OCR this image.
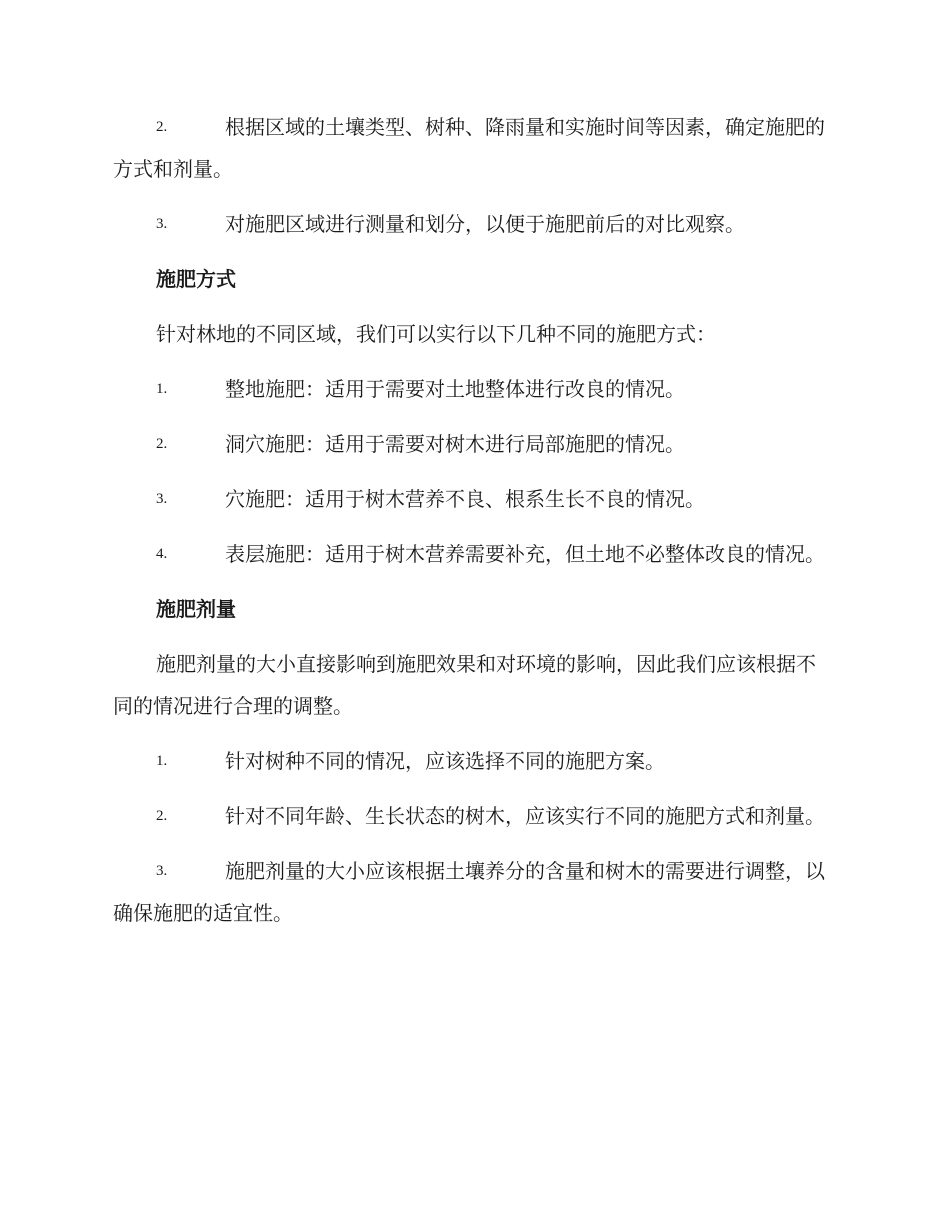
2.	根据区域的土壤类型、树种、降雨量和实施时间等因素，确定施肥的方式和剂量。
3.	对施肥区域进行测量和划分，以便于施肥前后的对比观察。
施肥方式
针对林地的不同区域，我们可以实行以下几种不同的施肥方式：
1.	整地施肥：适用于需要对土地整体进行改良的情况。
2.	洞穴施肥：适用于需要对树木进行局部施肥的情况。
3.	穴施肥：适用于树木营养不良、根系生长不良的情况。
4.	表层施肥：适用于树木营养需要补充，但土地不必整体改良的情况。
施肥剂量
施肥剂量的大小直接影响到施肥效果和对环境的影响，因此我们应该根据不同的情况进行合理的调整。
1.	针对树种不同的情况，应该选择不同的施肥方案。
2.	针对不同年龄、生长状态的树木，应该实行不同的施肥方式和剂量。
3.	施肥剂量的大小应该根据土壤养分的含量和树木的需要进行调整，以确保施肥的适宜性。
